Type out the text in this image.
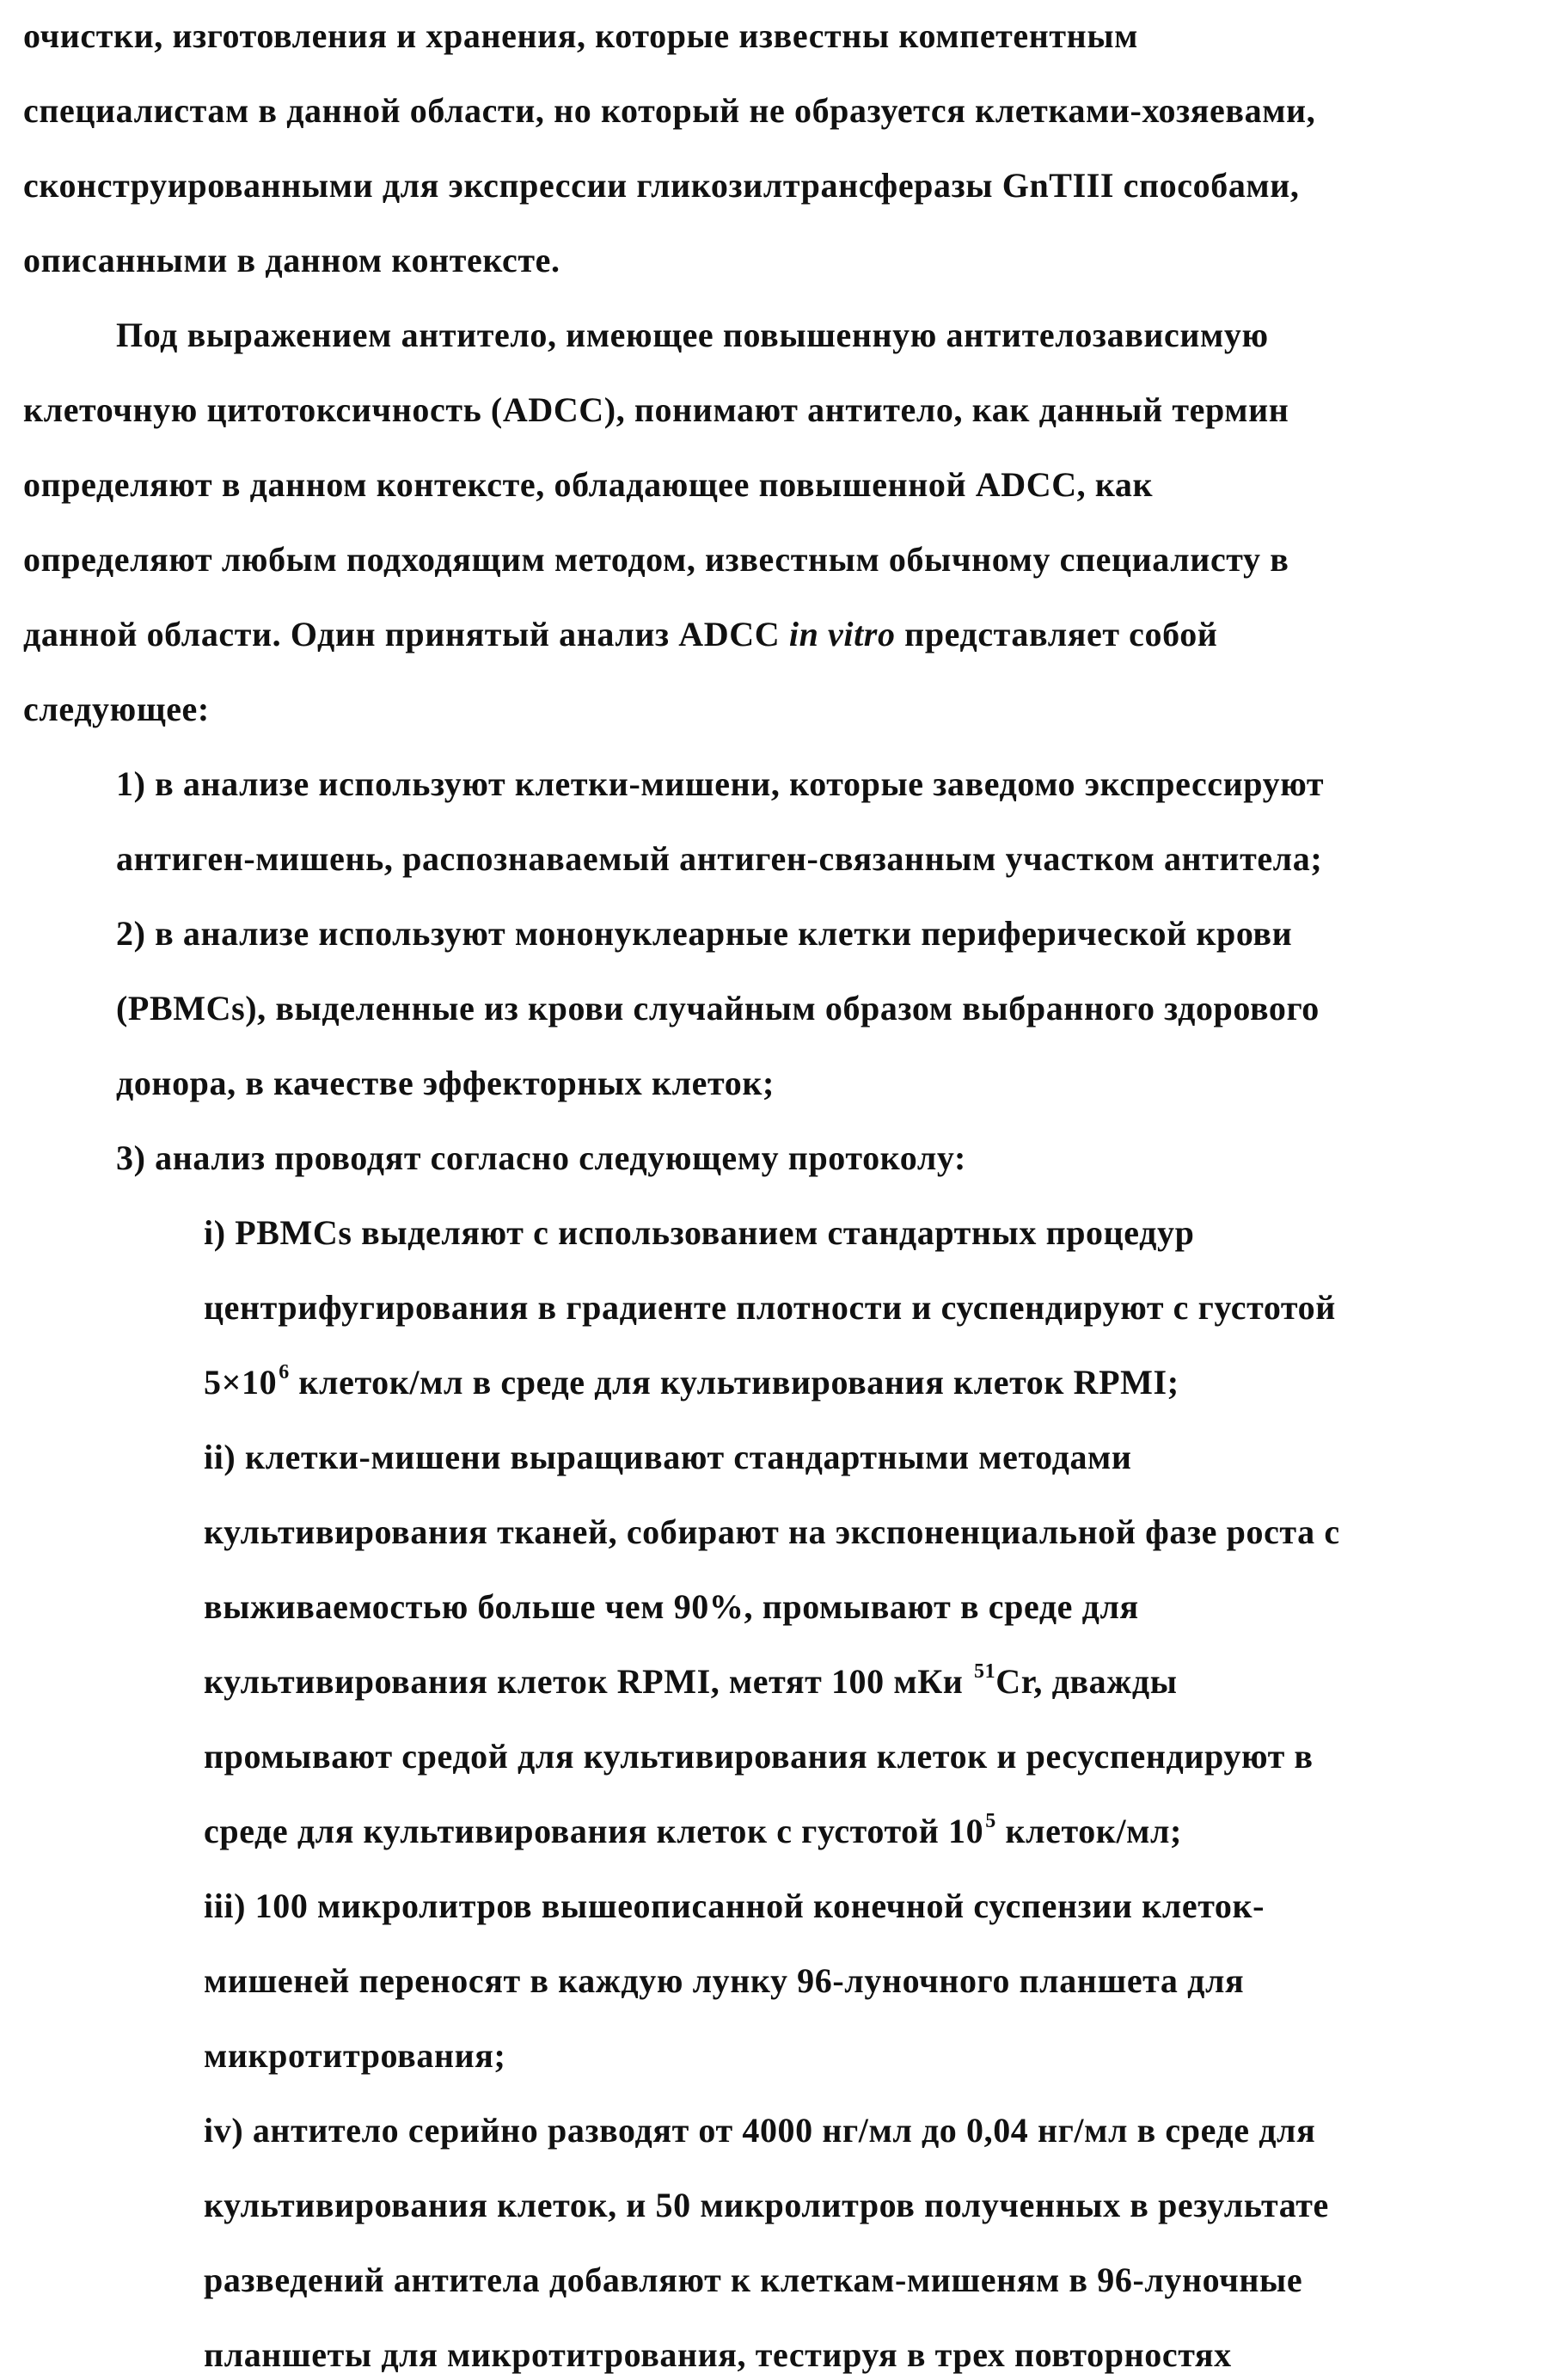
очистки, изготовления и хранения, которые известны компетентным
специалистам в данной области, но который не образуется клетками-хозяевами,
сконструированными для экспрессии гликозилтрансферазы GnTIII способами,
описанными в данном контексте.
Под выражением антитело, имеющее повышенную антителозависимую
клеточную цитотоксичность (ADCC), понимают антитело, как данный термин
определяют в данном контексте, обладающее повышенной ADCC, как
определяют любым подходящим методом, известным обычному специалисту в
данной области. Один принятый анализ ADCC in vitro представляет собой
следующее:
1) в анализе используют клетки-мишени, которые заведомо экспрессируют
антиген-мишень, распознаваемый антиген-связанным участком антитела;
2) в анализе используют мононуклеарные клетки периферической крови
(PBMCs), выделенные из крови случайным образом выбранного здорового
донора, в качестве эффекторных клеток;
3) анализ проводят согласно следующему протоколу:
i) PBMCs выделяют с использованием стандартных процедур
центрифугирования в градиенте плотности и суспендируют с густотой
$5\times 10^6$ клеток/мл в среде для культивирования клеток RPMI;
ii) клетки-мишени выращивают стандартными методами
культивирования тканей, собирают на экспоненциальной фазе роста с
выживаемостью больше чем 90%, промывают в среде для
культивирования клеток RPMI, метят 100 мКи $^{51}$Cr, дважды
промывают средой для культивирования клеток и ресуспендируют в
среде для культивирования клеток с густотой $10^5$ клеток/мл;
iii) 100 микролитров вышеописанной конечной суспензии клеток-
мишеней переносят в каждую лунку 96-луночного планшета для
микротитрования;
iv) антитело серийно разводят от 4000 нг/мл до 0,04 нг/мл в среде для
культивирования клеток, и 50 микролитров полученных в результате
разведений антитела добавляют к клеткам-мишеням в 96-луночные
планшеты для микротитрования, тестируя в трех повторностях
